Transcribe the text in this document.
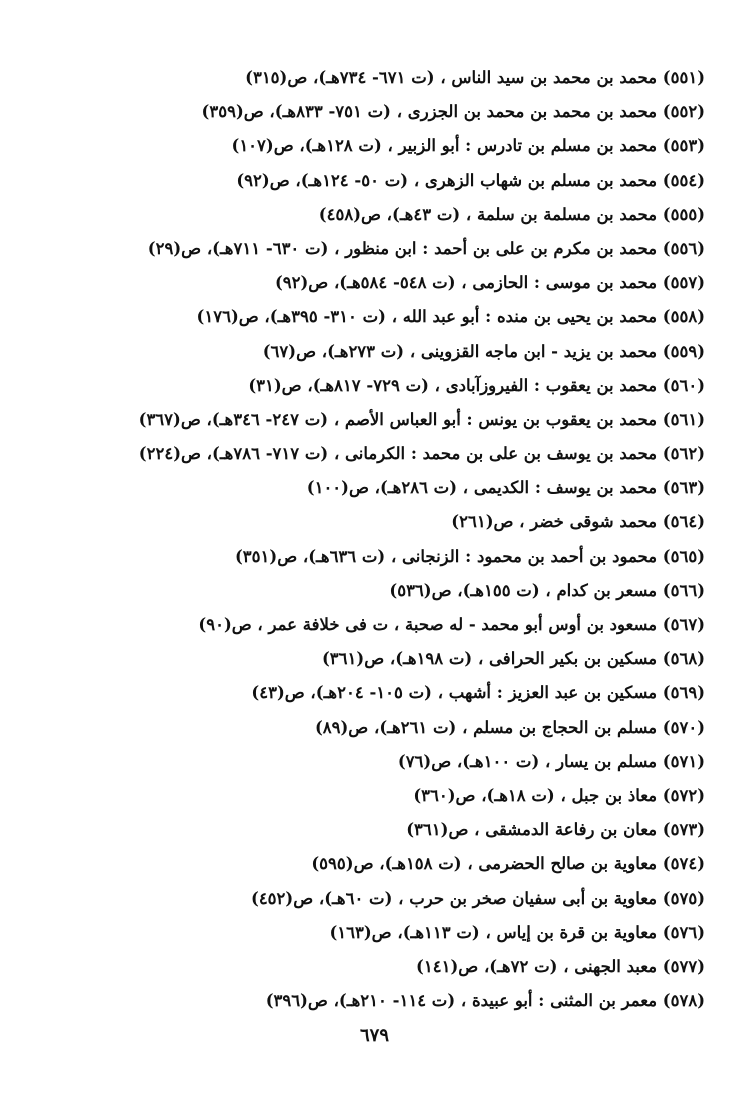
(٥٥١) محمد بن محمد بن سيد الناس ، (ت ٦٧١- ٧٣٤هـ)، ص(٣١٥)
(٥٥٢) محمد بن محمد بن محمد بن الجزرى ، (ت ٧٥١- ٨٣٣هـ)، ص(٣٥٩)
(٥٥٣) محمد بن مسلم بن تادرس : أبو الزبير ، (ت ١٢٨هـ)، ص(١٠٧)
(٥٥٤) محمد بن مسلم بن شهاب الزهرى ، (ت ٥٠- ١٢٤هـ)، ص(٩٢)
(٥٥٥) محمد بن مسلمة بن سلمة ، (ت ٤٣هـ)، ص(٤٥٨)
(٥٥٦) محمد بن مكرم بن على بن أحمد : ابن منظور ، (ت ٦٣٠- ٧١١هـ)، ص(٢٩)
(٥٥٧) محمد بن موسى : الحازمى ، (ت ٥٤٨- ٥٨٤هـ)، ص(٩٢)
(٥٥٨) محمد بن يحيى بن منده : أبو عبد الله ، (ت ٣١٠- ٣٩٥هـ)، ص(١٧٦)
(٥٥٩) محمد بن يزيد - ابن ماجه القزوينى ، (ت ٢٧٣هـ)، ص(٦٧)
(٥٦٠) محمد بن يعقوب : الفيروزآبادى ، (ت ٧٢٩- ٨١٧هـ)، ص(٣١)
(٥٦١) محمد بن يعقوب بن يونس : أبو العباس الأصم ، (ت ٢٤٧- ٣٤٦هـ)، ص(٣٦٧)
(٥٦٢) محمد بن يوسف بن على بن محمد : الكرمانى ، (ت ٧١٧- ٧٨٦هـ)، ص(٢٢٤)
(٥٦٣) محمد بن يوسف : الكديمى ، (ت ٢٨٦هـ)، ص(١٠٠)
(٥٦٤) محمد شوقى خضر ، ص(٢٦١)
(٥٦٥) محمود بن أحمد بن محمود : الزنجانى ، (ت ٦٣٦هـ)، ص(٣٥١)
(٥٦٦) مسعر بن كدام ، (ت ١٥٥هـ)، ص(٥٣٦)
(٥٦٧) مسعود بن أوس أبو محمد - له صحبة ، ت فى خلافة عمر ، ص(٩٠)
(٥٦٨) مسكين بن بكير الحرافى ، (ت ١٩٨هـ)، ص(٣٦١)
(٥٦٩) مسكين بن عبد العزيز : أشهب ، (ت ١٠٥- ٢٠٤هـ)، ص(٤٣)
(٥٧٠) مسلم بن الحجاج بن مسلم ، (ت ٢٦١هـ)، ص(٨٩)
(٥٧١) مسلم بن يسار ، (ت ١٠٠هـ)، ص(٧٦)
(٥٧٢) معاذ بن جبل ، (ت ١٨هـ)، ص(٣٦٠)
(٥٧٣) معان بن رفاعة الدمشقى ، ص(٣٦١)
(٥٧٤) معاوية بن صالح الحضرمى ، (ت ١٥٨هـ)، ص(٥٩٥)
(٥٧٥) معاوية بن أبى سفيان صخر بن حرب ، (ت ٦٠هـ)، ص(٤٥٢)
(٥٧٦) معاوية بن قرة بن إياس ، (ت ١١٣هـ)، ص(١٦٣)
(٥٧٧) معبد الجهنى ، (ت ٧٢هـ)، ص(١٤١)
(٥٧٨) معمر بن المثنى : أبو عبيدة ، (ت ١١٤- ٢١٠هـ)، ص(٣٩٦)
٦٧٩
